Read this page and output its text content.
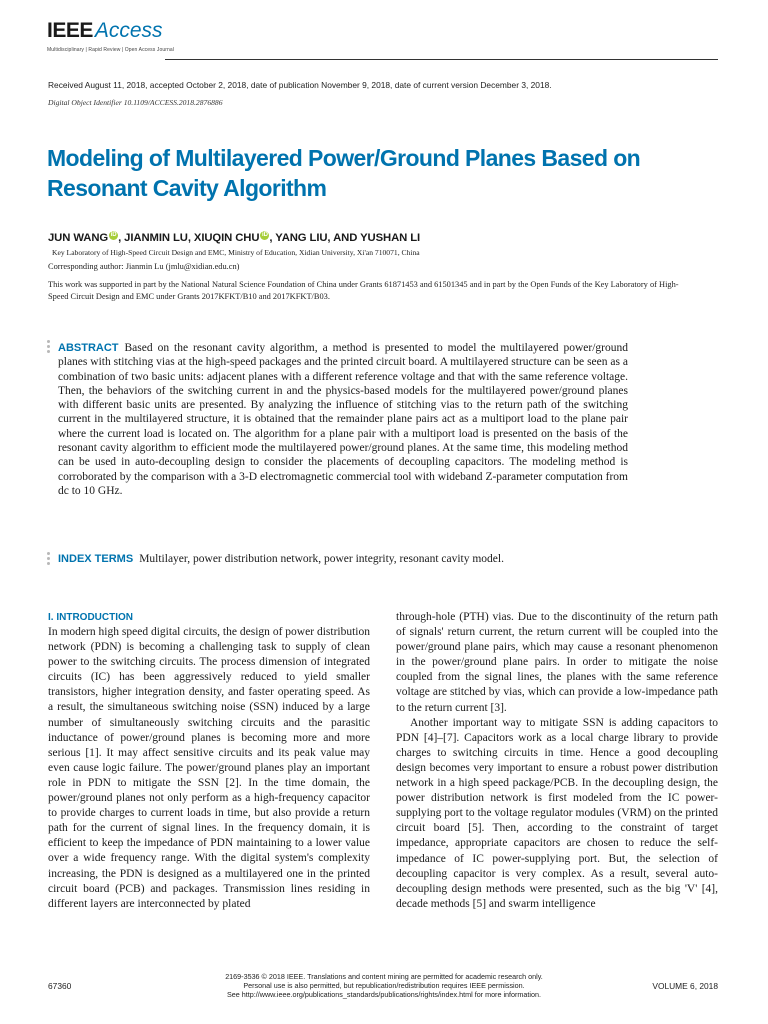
IEEEAccess
Multidisciplinary | Rapid Review | Open Access Journal
Received August 11, 2018, accepted October 2, 2018, date of publication November 9, 2018, date of current version December 3, 2018.
Digital Object Identifier 10.1109/ACCESS.2018.2876886
Modeling of Multilayered Power/Ground Planes Based on Resonant Cavity Algorithm
JUN WANG iD , JIANMIN LU, XIUQIN CHU iD , YANG LIU, AND YUSHAN LI
Key Laboratory of High-Speed Circuit Design and EMC, Ministry of Education, Xidian University, Xi'an 710071, China
Corresponding author: Jianmin Lu (jmlu@xidian.edu.cn)
This work was supported in part by the National Natural Science Foundation of China under Grants 61871453 and 61501345 and in part by the Open Funds of the Key Laboratory of High-Speed Circuit Design and EMC under Grants 2017KFKT/B10 and 2017KFKT/B03.
ABSTRACT Based on the resonant cavity algorithm, a method is presented to model the multilayered power/ground planes with stitching vias at the high-speed packages and the printed circuit board. A multilayered structure can be seen as a combination of two basic units: adjacent planes with a different reference voltage and that with the same reference voltage. Then, the behaviors of the switching current in and the physics-based models for the multilayered power/ground planes with different basic units are presented. By analyzing the influence of stitching vias to the return path of the switching current in the multilayered structure, it is obtained that the remainder plane pairs act as a multiport load to the plane pair where the current load is located on. The algorithm for a plane pair with a multiport load is presented on the basis of the resonant cavity algorithm to efficient mode the multilayered power/ground planes. At the same time, this modeling method can be used in auto-decoupling design to consider the placements of decoupling capacitors. The modeling method is corroborated by the comparison with a 3-D electromagnetic commercial tool with wideband Z-parameter computation from dc to 10 GHz.
INDEX TERMS Multilayer, power distribution network, power integrity, resonant cavity model.
I. INTRODUCTION

In modern high speed digital circuits, the design of power distribution network (PDN) is becoming a challenging task to supply of clean power to the switching circuits. The process dimension of integrated circuits (IC) has been aggressively reduced to yield smaller transistors, higher integration density, and faster operating speed. As a result, the simultaneous switching noise (SSN) induced by a large number of simultaneously switching circuits and the parasitic inductance of power/ground planes is becoming more and more serious [1]. It may affect sensitive circuits and its peak value may even cause logic failure. The power/ground planes play an important role in PDN to mitigate the SSN [2]. In the time domain, the power/ground planes not only perform as a high-frequency capacitor to provide charges to current loads in time, but also provide a return path for the current of signal lines. In the frequency domain, it is efficient to keep the impedance of PDN maintaining to a lower value over a wide frequency range. With the digital system's complexity increasing, the PDN is designed as a multilayered one in the printed circuit board (PCB) and packages. Transmission lines residing in different layers are interconnected by plated

through-hole (PTH) vias. Due to the discontinuity of the return path of signals' return current, the return current will be coupled into the power/ground plane pairs, which may cause a resonant phenomenon in the power/ground plane pairs. In order to mitigate the noise coupled from the signal lines, the planes with the same reference voltage are stitched by vias, which can provide a low-impedance path to the return current [3].

Another important way to mitigate SSN is adding capacitors to PDN [4]–[7]. Capacitors work as a local charge library to provide charges to switching circuits in time. Hence a good decoupling design becomes very important to ensure a robust power distribution network in a high speed package/PCB. In the decoupling design, the power distribution network is first modeled from the IC power-supplying port to the voltage regulator modules (VRM) on the printed circuit board [5]. Then, according to the constraint of target impedance, appropriate capacitors are chosen to reduce the self-impedance of IC power-supplying port. But, the selection of decoupling capacitor is very complex. As a result, several auto-decoupling design methods were presented, such as the big 'V' [4], decade methods [5] and swarm intelligence

67360
2169-3536 © 2018 IEEE. Translations and content mining are permitted for academic research only.
Personal use is also permitted, but republication/redistribution requires IEEE permission.
See http://www.ieee.org/publications_standards/publications/rights/index.html for more information.
VOLUME 6, 2018
